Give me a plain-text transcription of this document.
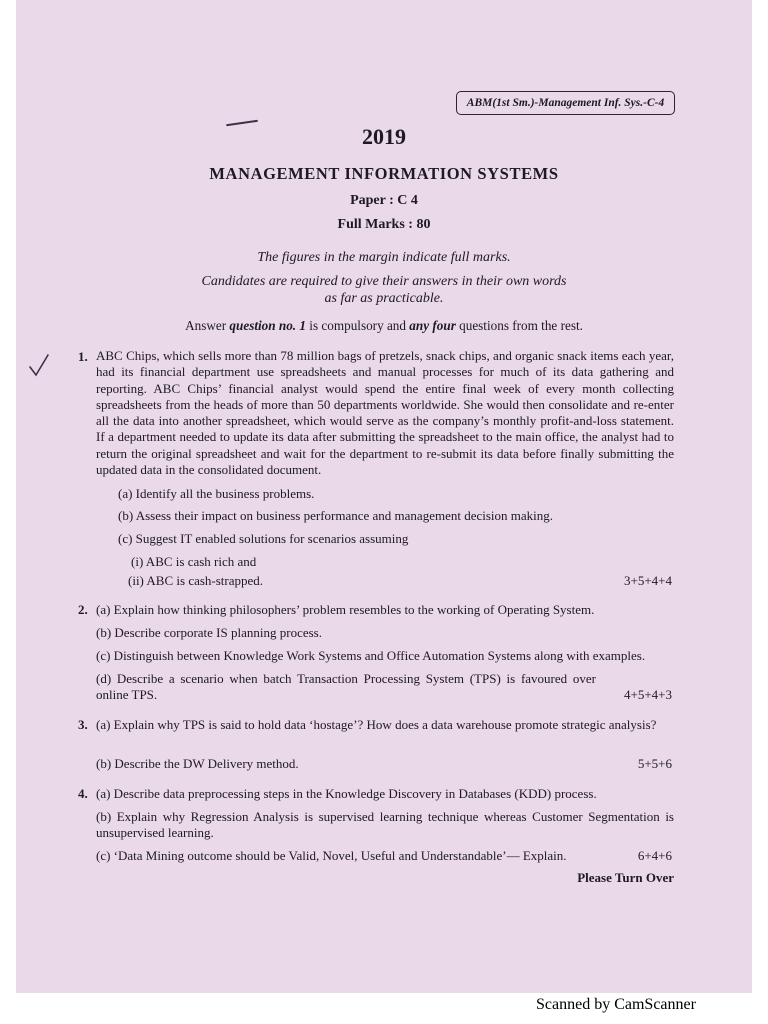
ABM(1st Sm.)-Management Inf. Sys.-C-4
2019
MANAGEMENT INFORMATION SYSTEMS
Paper : C 4
Full Marks : 80
The figures in the margin indicate full marks.
Candidates are required to give their answers in their own words
as far as practicable.
Answer question no. 1 is compulsory and any four questions from the rest.
1. ABC Chips, which sells more than 78 million bags of pretzels, snack chips, and organic snack items each year, had its financial department use spreadsheets and manual processes for much of its data gathering and reporting. ABC Chips’ financial analyst would spend the entire final week of every month collecting spreadsheets from the heads of more than 50 departments worldwide. She would then consolidate and re-enter all the data into another spreadsheet, which would serve as the company’s monthly profit-and-loss statement. If a department needed to update its data after submitting the spreadsheet to the main office, the analyst had to return the original spreadsheet and wait for the department to re-submit its data before finally submitting the updated data in the consolidated document.
(a) Identify all the business problems.
(b) Assess their impact on business performance and management decision making.
(c) Suggest IT enabled solutions for scenarios assuming
(i) ABC is cash rich and
(ii) ABC is cash-strapped.	3+5+4+4
2. (a) Explain how thinking philosophers’ problem resembles to the working of Operating System.
(b) Describe corporate IS planning process.
(c) Distinguish between Knowledge Work Systems and Office Automation Systems along with examples.
(d) Describe a scenario when batch Transaction Processing System (TPS) is favoured over online TPS.	4+5+4+3
3. (a) Explain why TPS is said to hold data ‘hostage’? How does a data warehouse promote strategic analysis?
(b) Describe the DW Delivery method.	5+5+6
4. (a) Describe data preprocessing steps in the Knowledge Discovery in Databases (KDD) process.
(b) Explain why Regression Analysis is supervised learning technique whereas Customer Segmentation is unsupervised learning.
(c) ‘Data Mining outcome should be Valid, Novel, Useful and Understandable’— Explain.	6+4+6
Please Turn Over
Scanned by CamScanner
